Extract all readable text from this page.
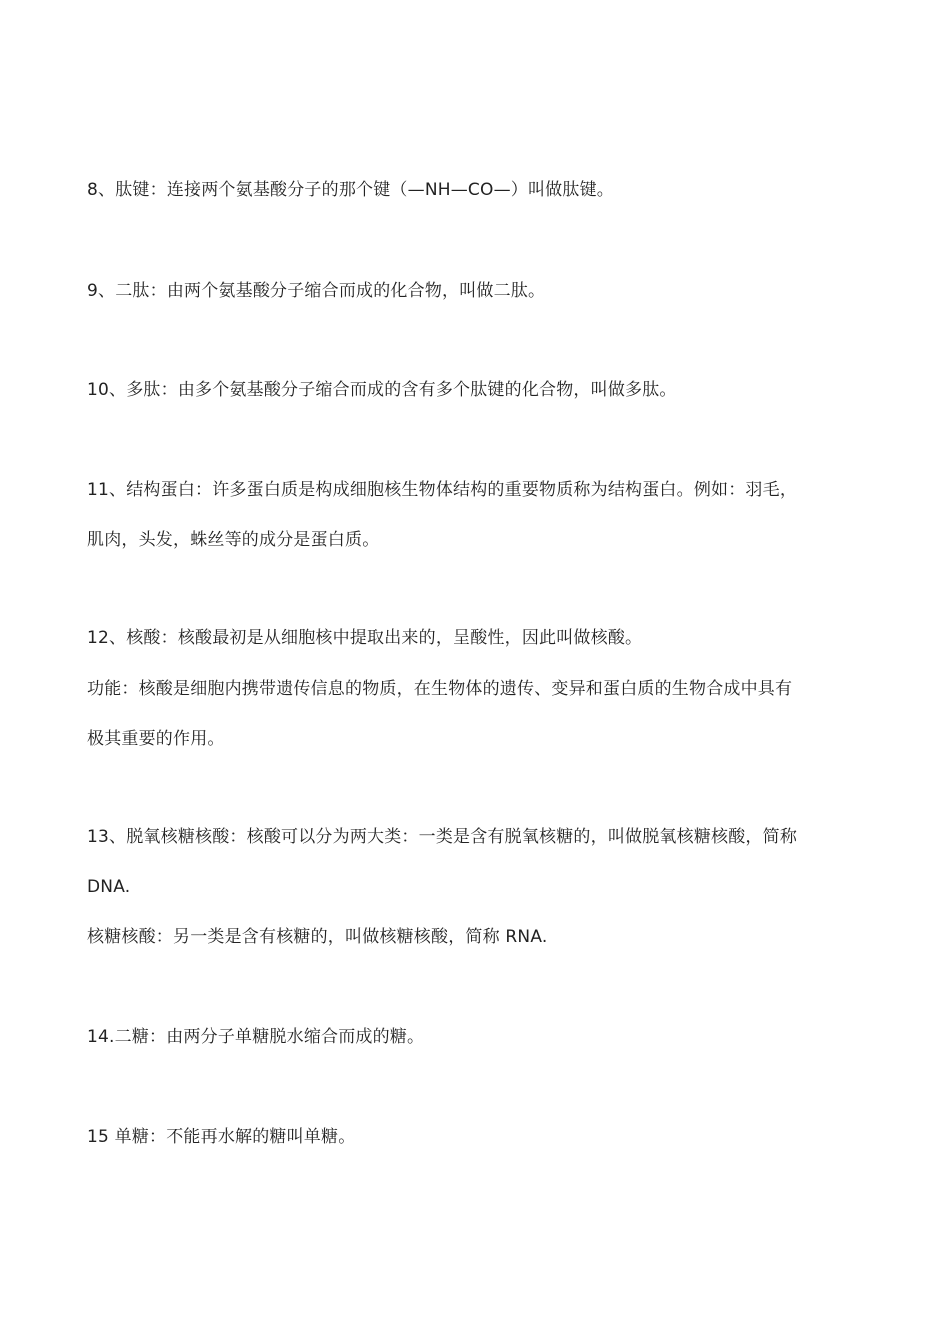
8、肽键：连接两个氨基酸分子的那个键（—NH—CO—）叫做肽键。
9、二肽：由两个氨基酸分子缩合而成的化合物，叫做二肽。
10、多肽：由多个氨基酸分子缩合而成的含有多个肽键的化合物，叫做多肽。
11、结构蛋白：许多蛋白质是构成细胞核生物体结构的重要物质称为结构蛋白。例如：羽毛，
肌肉，头发，蛛丝等的成分是蛋白质。
12、核酸：核酸最初是从细胞核中提取出来的，呈酸性，因此叫做核酸。
功能：核酸是细胞内携带遗传信息的物质，在生物体的遗传、变异和蛋白质的生物合成中具有
极其重要的作用。
13、脱氧核糖核酸：核酸可以分为两大类：一类是含有脱氧核糖的，叫做脱氧核糖核酸，简称
DNA.
核糖核酸：另一类是含有核糖的，叫做核糖核酸，简称 RNA.
14.二糖：由两分子单糖脱水缩合而成的糖。
15 单糖：不能再水解的糖叫单糖。
